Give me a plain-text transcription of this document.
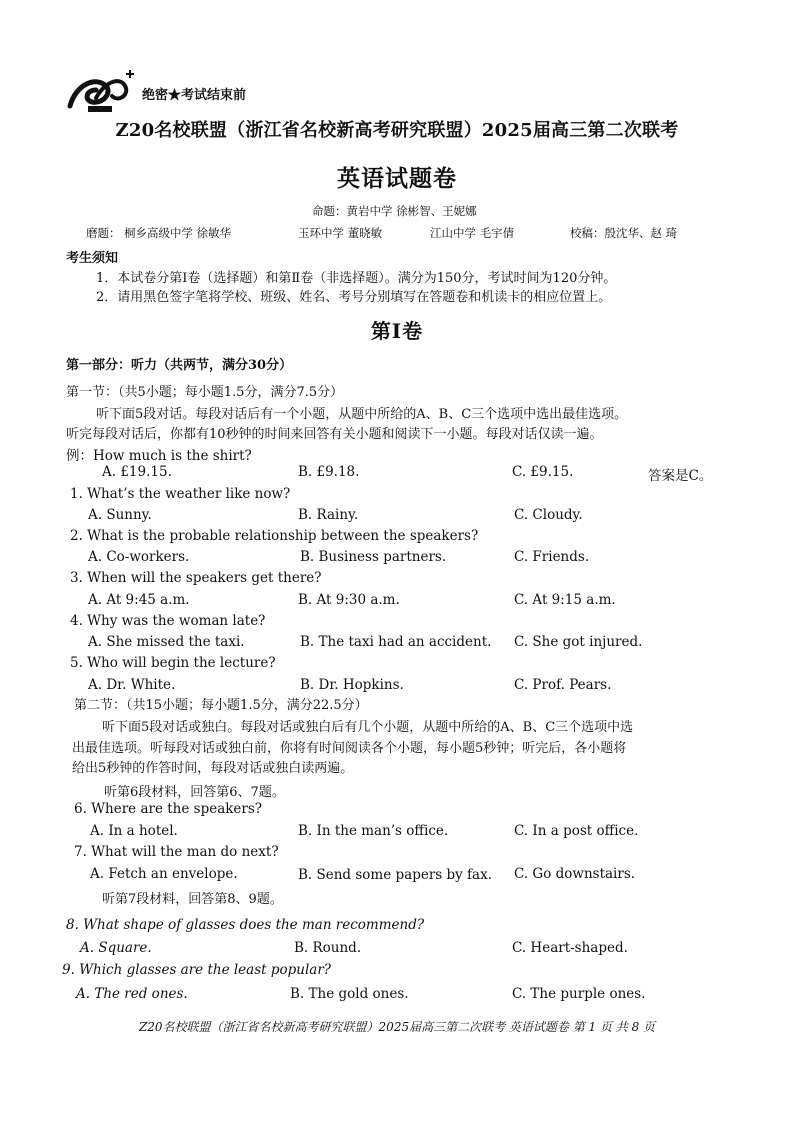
绝密★考试结束前
Z20名校联盟（浙江省名校新高考研究联盟）2025届高三第二次联考
英语试题卷
命题：黄岩中学 徐彬智、王妮娜
磨题： 桐乡高级中学 徐敏华	玉环中学 董晓敏	江山中学 毛宇倩	校稿：殷沈华、赵 琦
考生须知
1．本试卷分第Ⅰ卷（选择题）和第Ⅱ卷（非选择题）。满分为150分，考试时间为120分钟。
2．请用黑色签字笔将学校、班级、姓名、考号分别填写在答题卷和机读卡的相应位置上。
第Ⅰ卷
第一部分：听力（共两节，满分30分）
第一节：（共5小题；每小题1.5分，满分7.5分）
听下面5段对话。每段对话后有一个小题，从题中所给的A、B、C三个选项中选出最佳选项。
听完每段对话后，你都有10秒钟的时间来回答有关小题和阅读下一小题。每段对话仅读一遍。
例：How much is the shirt?
A. £19.15.	B. £9.18.	C. £9.15.	答案是C。
1. What’s the weather like now?
A. Sunny.	B. Rainy.	C. Cloudy.
2. What is the probable relationship between the speakers?
A. Co-workers.	B. Business partners.	C. Friends.
3. When will the speakers get there?
A. At 9:45 a.m.	B. At 9:30 a.m.	C. At 9:15 a.m.
4. Why was the woman late?
A. She missed the taxi.	B. The taxi had an accident. C. She got injured.
5. Who will begin the lecture?
A. Dr. White.	B. Dr. Hopkins.	C. Prof. Pears.
第二节：（共15小题；每小题1.5分，满分22.5分）
听下面5段对话或独白。每段对话或独白后有几个小题，从题中所给的A、B、C三个选项中选
出最佳选项。听每段对话或独白前，你将有时间阅读各个小题，每小题5秒钟；听完后，各小题将
给出5秒钟的作答时间，每段对话或独白读两遍。
听第6段材料，回答第6、7题。
6. Where are the speakers?
A. In a hotel.	B. In the man’s office.	C. In a post office.
7. What will the man do next?
A. Fetch an envelope.	B. Send some papers by fax. C. Go downstairs.
听第7段材料，回答第8、9题。
8. What shape of glasses does the man recommend?
A. Square.	B. Round.	C. Heart-shaped.
9. Which glasses are the least popular?
A. The red ones.	B. The gold ones.	C. The purple ones.
Z20名校联盟（浙江省名校新高考研究联盟）2025届高三第二次联考 英语试题卷 第 1 页 共 8 页
